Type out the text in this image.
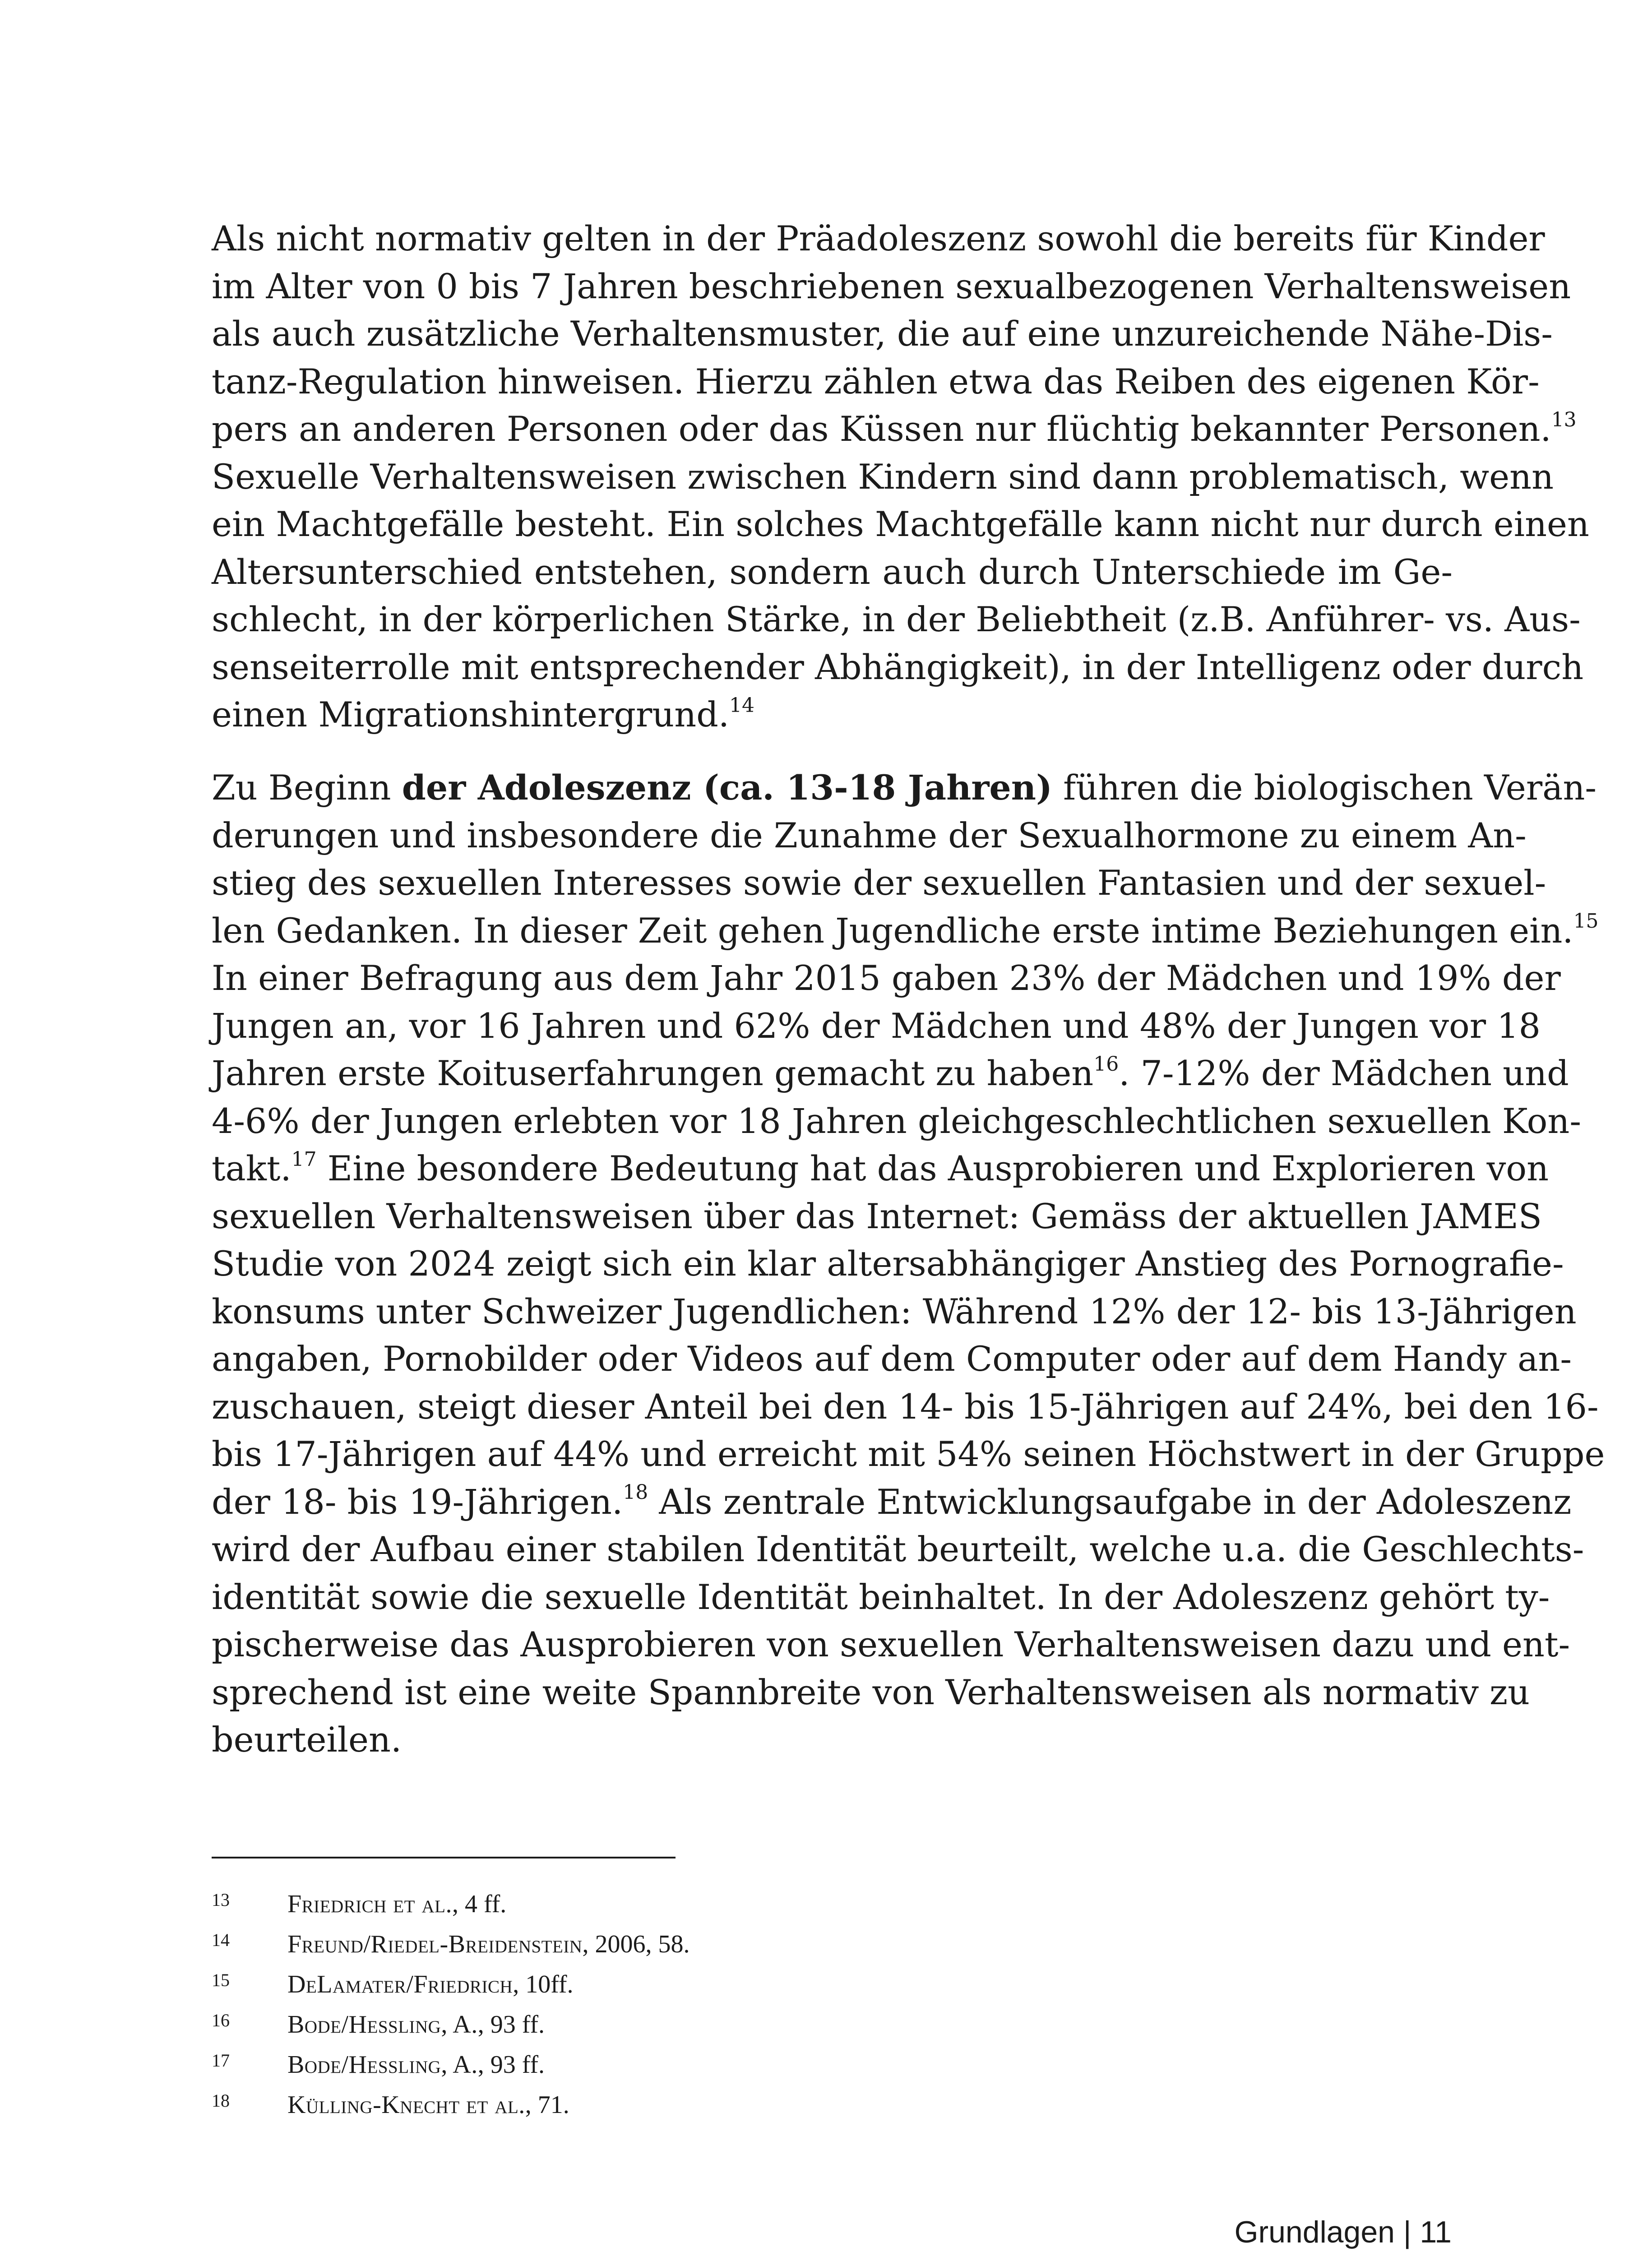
Als nicht normativ gelten in der Präadoleszenz sowohl die bereits für Kinder
im Alter von 0 bis 7 Jahren beschriebenen sexualbezogenen Verhaltensweisen
als auch zusätzliche Verhaltensmuster, die auf eine unzureichende Nähe-Dis-
tanz-Regulation hinweisen. Hierzu zählen etwa das Reiben des eigenen Kör-
pers an anderen Personen oder das Küssen nur flüchtig bekannter Personen.$^{13}$
Sexuelle Verhaltensweisen zwischen Kindern sind dann problematisch, wenn
ein Machtgefälle besteht. Ein solches Machtgefälle kann nicht nur durch einen
Altersunterschied entstehen, sondern auch durch Unterschiede im Ge-
schlecht, in der körperlichen Stärke, in der Beliebtheit (z.B. Anführer- vs. Aus-
senseiterrolle mit entsprechender Abhängigkeit), in der Intelligenz oder durch
einen Migrationshintergrund.$^{14}$
Zu Beginn der Adoleszenz (ca. 13-18 Jahren) führen die biologischen Verän-
derungen und insbesondere die Zunahme der Sexualhormone zu einem An-
stieg des sexuellen Interesses sowie der sexuellen Fantasien und der sexuel-
len Gedanken. In dieser Zeit gehen Jugendliche erste intime Beziehungen ein.$^{15}$
In einer Befragung aus dem Jahr 2015 gaben 23% der Mädchen und 19% der
Jungen an, vor 16 Jahren und 62% der Mädchen und 48% der Jungen vor 18
Jahren erste Koituserfahrungen gemacht zu haben$^{16}$. 7-12% der Mädchen und
4-6% der Jungen erlebten vor 18 Jahren gleichgeschlechtlichen sexuellen Kon-
takt.$^{17}$ Eine besondere Bedeutung hat das Ausprobieren und Explorieren von
sexuellen Verhaltensweisen über das Internet: Gemäss der aktuellen JAMES
Studie von 2024 zeigt sich ein klar altersabhängiger Anstieg des Pornografie-
konsums unter Schweizer Jugendlichen: Während 12% der 12- bis 13-Jährigen
angaben, Pornobilder oder Videos auf dem Computer oder auf dem Handy an-
zuschauen, steigt dieser Anteil bei den 14- bis 15-Jährigen auf 24%, bei den 16-
bis 17-Jährigen auf 44% und erreicht mit 54% seinen Höchstwert in der Gruppe
der 18- bis 19-Jährigen.$^{18}$ Als zentrale Entwicklungsaufgabe in der Adoleszenz
wird der Aufbau einer stabilen Identität beurteilt, welche u.a. die Geschlechts-
identität sowie die sexuelle Identität beinhaltet. In der Adoleszenz gehört ty-
pischerweise das Ausprobieren von sexuellen Verhaltensweisen dazu und ent-
sprechend ist eine weite Spannbreite von Verhaltensweisen als normativ zu
beurteilen.
13	Friedrich et al., 4 ff.
14	Freund/Riedel-Breidenstein, 2006, 58.
15	DeLamater/Friedrich, 10ff.
16	Bode/Hessling, A., 93 ff.
17	Bode/Hessling, A., 93 ff.
18	Külling-Knecht et al., 71.
Grundlagen | 11
